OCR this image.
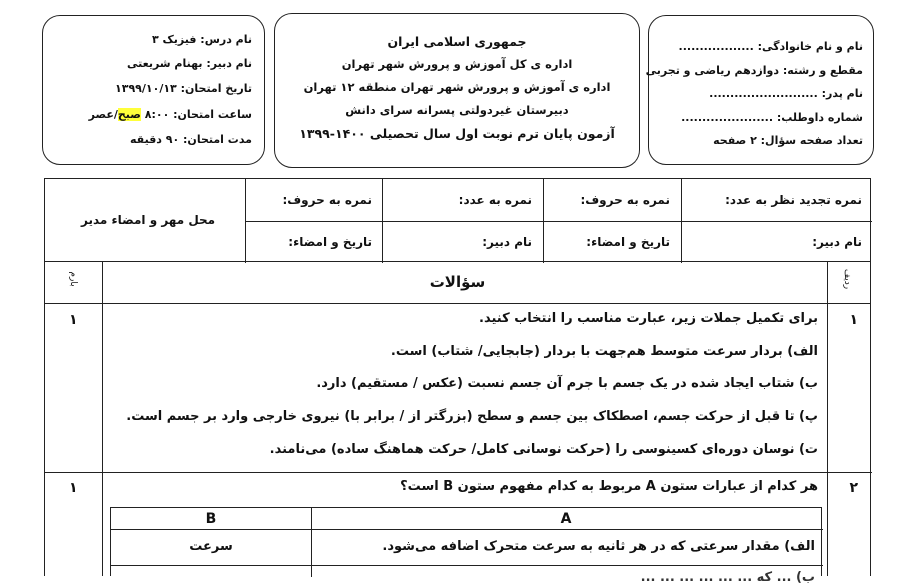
نام و نام خانوادگی: ..................
مقطع و رشته: دوازدهم ریاضی و تجربی
نام پدر: ..........................
شماره داوطلب: ......................
تعداد صفحه سؤال: ۲ صفحه
جمهوری اسلامی ایران
اداره ی کل آموزش و پرورش شهر تهران
اداره ی آموزش و پرورش شهر تهران منطقه ۱۲ تهران
دبیرستان غیردولتی پسرانه سرای دانش
آزمون پایان ترم نوبت اول سال تحصیلی ۱۴۰۰-۱۳۹۹
نام درس: فیزیک ۳
نام دبیر: بهنام شریعتی
تاریخ امتحان: ۱۳۹۹/۱۰/۱۳
ساعت امتحان: ۸:۰۰ صبح/عصر
مدت امتحان: ۹۰ دقیقه
نمره تجدید نظر به عدد:
نمره به حروف:
نمره به عدد:
نمره به حروف:
نام دبیر:
تاریخ و امضاء:
نام دبیر:
تاریخ و امضاء:
محل مهر و امضاء مدیر
ردیف
سؤالات
بارم
۱
۱	برای تکمیل جملات زیر، عبارت مناسب را انتخاب کنید.
الف) بردار سرعت متوسط هم‌جهت با بردار (جابجایی/ شتاب) است.
ب) شتاب ایجاد شده در یک جسم با جرم آن جسم نسبت (عکس / مستقیم) دارد.
پ) تا قبل از حرکت جسم، اصطکاک بین جسم و سطح (بزرگتر از / برابر با) نیروی خارجی وارد بر جسم است.
ت) نوسان دوره‌ای کسینوسی را (حرکت نوسانی کامل/ حرکت هماهنگ ساده) می‌نامند.
۲
۱	هر کدام از عبارات ستون A مربوط به کدام مفهوم ستون B است؟
A
B
الف) مقدار سرعتی که در هر ثانیه به سرعت متحرک اضافه می‌شود.
سرعت
ب) ... که ... ... ... ... ... ...
